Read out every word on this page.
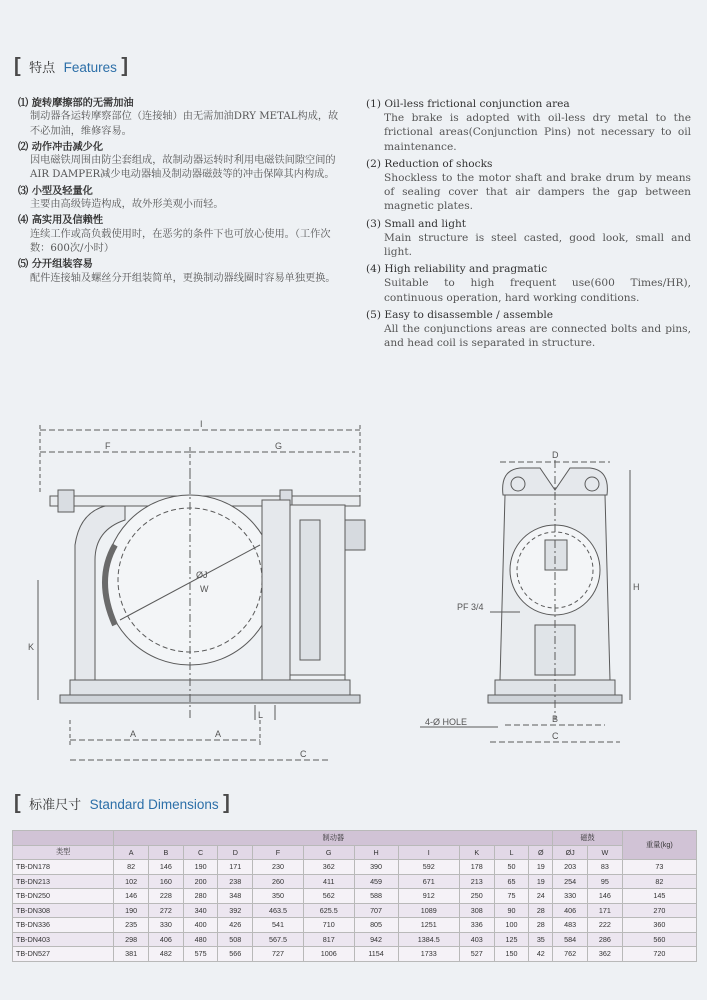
[ 特点 Features ]
⑴ 旋转摩擦部的无需加油
制动器各运转摩察部位（连接轴）由无需加油DRY METAL构成，故不必加油，维修容易。
⑵ 动作冲击减少化
因电磁铁周围由防尘套组成，故制动器运转时利用电磁铁间隙空间的AIR DAMPER减少电动器轴及制动器磁鼓等的冲击保障其内构成。
⑶ 小型及轻量化
主要由高级铸造构成，故外形美观小而轻。
⑷ 高实用及信赖性
连续工作或高负载使用时，在恶劣的条件下也可放心使用。（工作次数：600次/小时）
⑸ 分开组装容易
配件连接轴及螺丝分开组装简单，更换制动器线圈时容易单独更换。
(1) Oil-less frictional conjunction area
The brake is adopted with oil-less dry metal to the frictional areas(Conjunction Pins) not necessary to oil maintenance.
(2) Reduction of shocks
Shockless to the motor shaft and brake drum by means of sealing cover that air dampers the gap between magnetic plates.
(3) Small and light
Main structure is steel casted, good look, small and light.
(4) High reliability and pragmatic
Suitable to high frequent use(600 Times/HR), continuous operation, hard working conditions.
(5) Easy to disassemble / assemble
All the conjunctions areas are connected bolts and pins, and head coil is separated in structure.
I
F	G
ØJ
W
K
L
A	A
C
D
H
PF 3/4
4-Ø HOLE	B
C
[ 标准尺寸 Standard Dimensions ]
	制动器											磁鼓		重量(kg)
类型	A	B	C	D	F	G	H	I	K	L	Ø	ØJ	W	
TB-DN178	82	146	190	171	230	362	390	592	178	50	19	203	83	73
TB-DN213	102	160	200	238	260	411	459	671	213	65	19	254	95	82
TB-DN250	146	228	280	348	350	562	588	912	250	75	24	330	146	145
TB-DN308	190	272	340	392	463.5	625.5	707	1089	308	90	28	406	171	270
TB-DN336	235	330	400	426	541	710	805	1251	336	100	28	483	222	360
TB-DN403	298	406	480	508	567.5	817	942	1384.5	403	125	35	584	286	560
TB-DN527	381	482	575	566	727	1006	1154	1733	527	150	42	762	362	720
